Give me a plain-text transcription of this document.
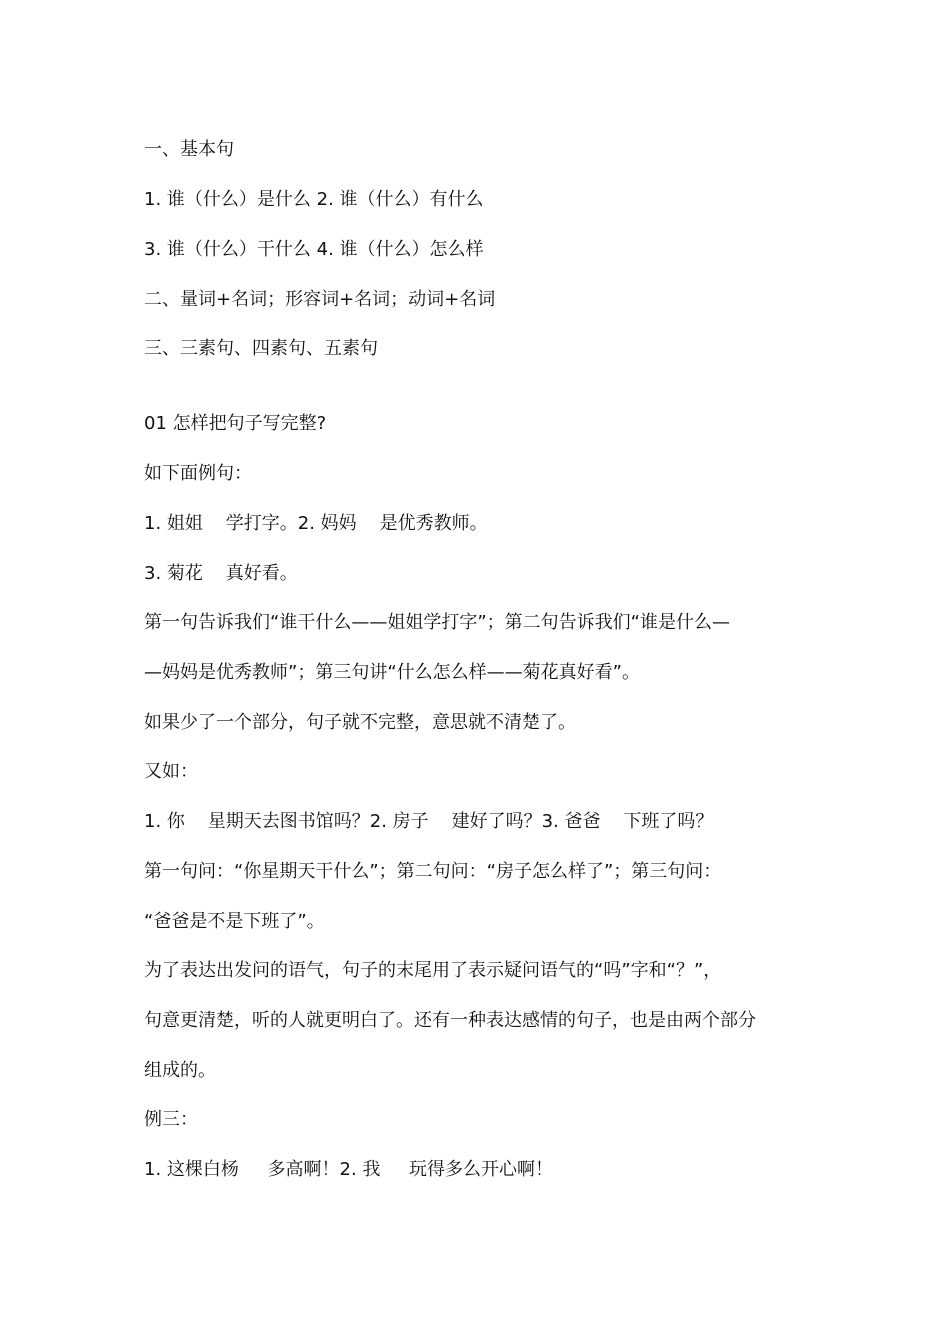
一、基本句
1. 谁（什么）是什么 2. 谁（什么）有什么
3. 谁（什么）干什么 4. 谁（什么）怎么样
二、量词+名词；形容词+名词；动词+名词
三、三素句、四素句、五素句
01 怎样把句子写完整?
如下面例句：
1. 姐姐    学打字。2. 妈妈    是优秀教师。
3. 菊花    真好看。
第一句告诉我们“谁干什么——姐姐学打字”；第二句告诉我们“谁是什么—
—妈妈是优秀教师”；第三句讲“什么怎么样——菊花真好看”。
如果少了一个部分，句子就不完整，意思就不清楚了。
又如：
1. 你    星期天去图书馆吗？2. 房子    建好了吗？3. 爸爸    下班了吗？
第一句问：“你星期天干什么”；第二句问：“房子怎么样了”；第三句问：
“爸爸是不是下班了”。
为了表达出发问的语气，句子的末尾用了表示疑问语气的“吗”字和“？”，
句意更清楚，听的人就更明白了。还有一种表达感情的句子，也是由两个部分
组成的。
例三：
1. 这棵白杨     多高啊！2. 我     玩得多么开心啊！
